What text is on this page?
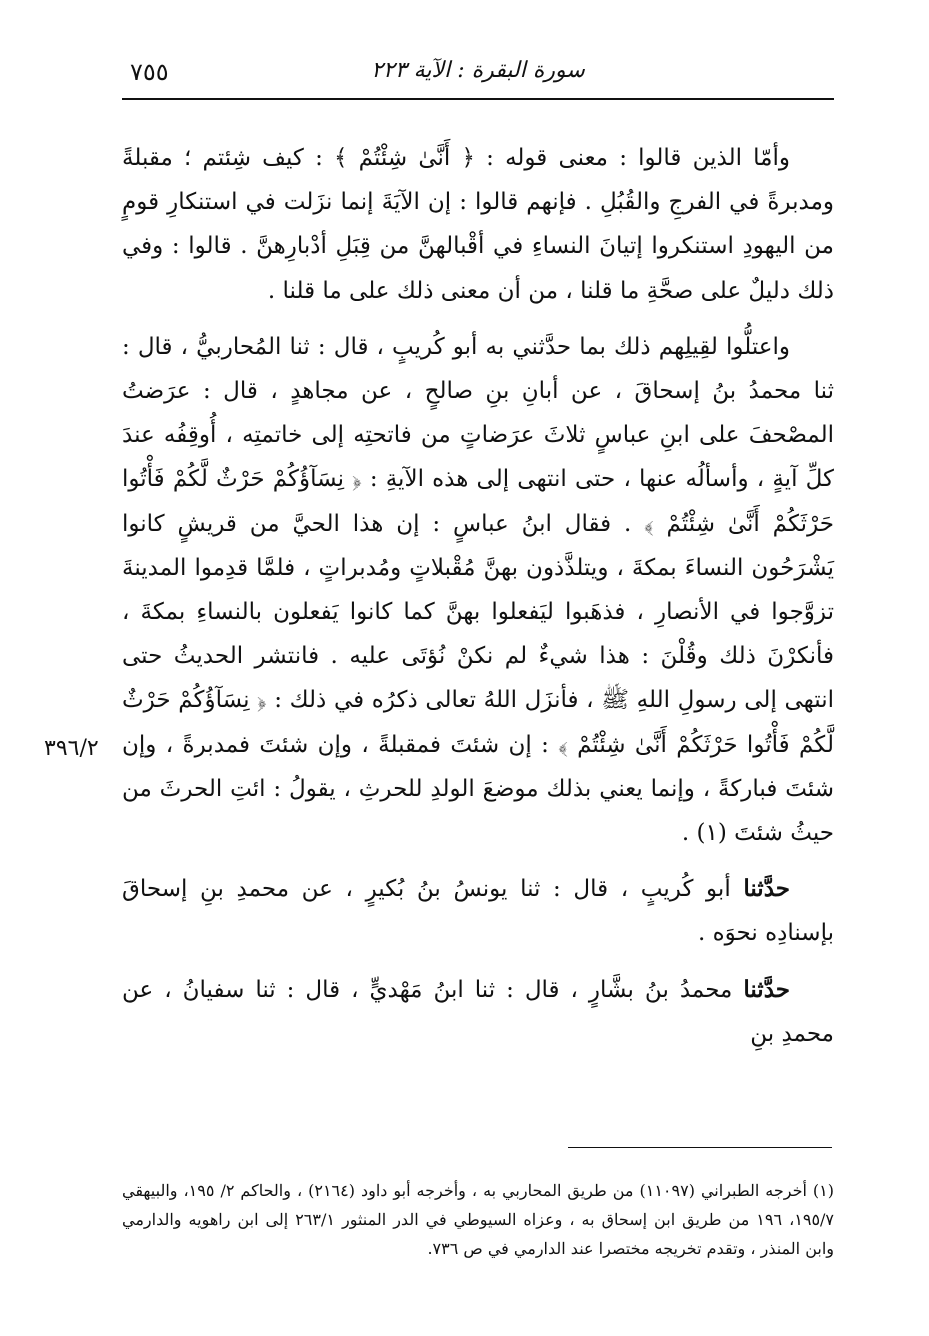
٧٥٥	سورة البقرة : الآية ٢٢٣

وأمّا الذين قالوا : معنى قوله : ﴿ أَنَّىٰ شِئْتُمْ ﴾ : كيف شِئتم ؛ مقبلةً ومدبرةً في الفرجِ والقُبُلِ . فإنهم قالوا : إن الآيَةَ إنما نزَلت في استنكارِ قومٍ من اليهودِ استنكروا إتيانَ النساءِ في أقْبالهنَّ من قِبَلِ أدْبارِهنَّ . قالوا : وفي ذلك دليلٌ على صحَّةِ ما قلنا ، من أن معنى ذلك على ما قلنا .

واعتلُّوا لقِيلِهم ذلك بما حدَّثني به أبو كُريبٍ ، قال : ثنا المُحاربيُّ ، قال : ثنا محمدُ بنُ إسحاقَ ، عن أبانِ بنِ صالحٍ ، عن مجاهدٍ ، قال : عرَضتُ المصْحفَ على ابنِ عباسٍ ثلاثَ عرَضاتٍ من فاتحتِه إلى خاتمتِه ، أُوقِفُه عندَ كلِّ آيةٍ ، وأسألُه عنها ، حتى انتهى إلى هذه الآيةِ : ﴿ نِسَآؤُكُمْ حَرْثٌ لَّكُمْ فَأْتُوا حَرْثَكُمْ أَنَّىٰ شِئْتُمْ ﴾ . فقال ابنُ عباسٍ : إن هذا الحيَّ من قريشٍ كانوا يَشْرَحُون النساءَ بمكةَ ، ويتلذَّذون بهنَّ مُقْبلاتٍ ومُدبراتٍ ، فلمَّا قدِموا المدينةَ تزوَّجوا في الأنصارِ ، فذهَبوا ليَفعلوا بهنَّ كما كانوا يَفعلون بالنساءِ بمكةَ ، فأنكرْنَ ذلك وقُلْنَ : هذا شيءٌ لم نكنْ نُؤتَى عليه . فانتشر الحديثُ حتى انتهى إلى رسولِ اللهِ ﷺ ، فأنزَل اللهُ تعالى ذكرُه في ذلك : ﴿ نِسَآؤُكُمْ حَرْثٌ لَّكُمْ فَأْتُوا حَرْثَكُمْ أَنَّىٰ شِئْتُمْ ﴾ : إن شئتَ فمقبلةً ، وإن شئتَ فمدبرةً ، وإن شئتَ فباركةً ، وإنما يعني بذلك موضعَ الولدِ للحرثِ ، يقولُ : ائتِ الحرثَ من حيثُ شئتَ (١) .

حدَّثنا أبو كُريبٍ ، قال : ثنا يونسُ بنُ بُكيرٍ ، عن محمدِ بنِ إسحاقَ بإسنادِه نحوَه .

حدَّثنا محمدُ بنُ بشَّارٍ ، قال : ثنا ابنُ مَهْديٍّ ، قال : ثنا سفيانُ ، عن محمدِ بنِ

٣٩٦/٢

(١) أخرجه الطبراني (١١٠٩٧) من طريق المحاربي به ، وأخرجه أبو داود (٢١٦٤) ، والحاكم ٢/ ١٩٥، والبيهقي ١٩٥/٧، ١٩٦ من طريق ابن إسحاق به ، وعزاه السيوطي في الدر المنثور ٢٦٣/١ إلى ابن راهويه والدارمي وابن المنذر ، وتقدم تخريجه مختصرا عند الدارمي في ص ٧٣٦.
